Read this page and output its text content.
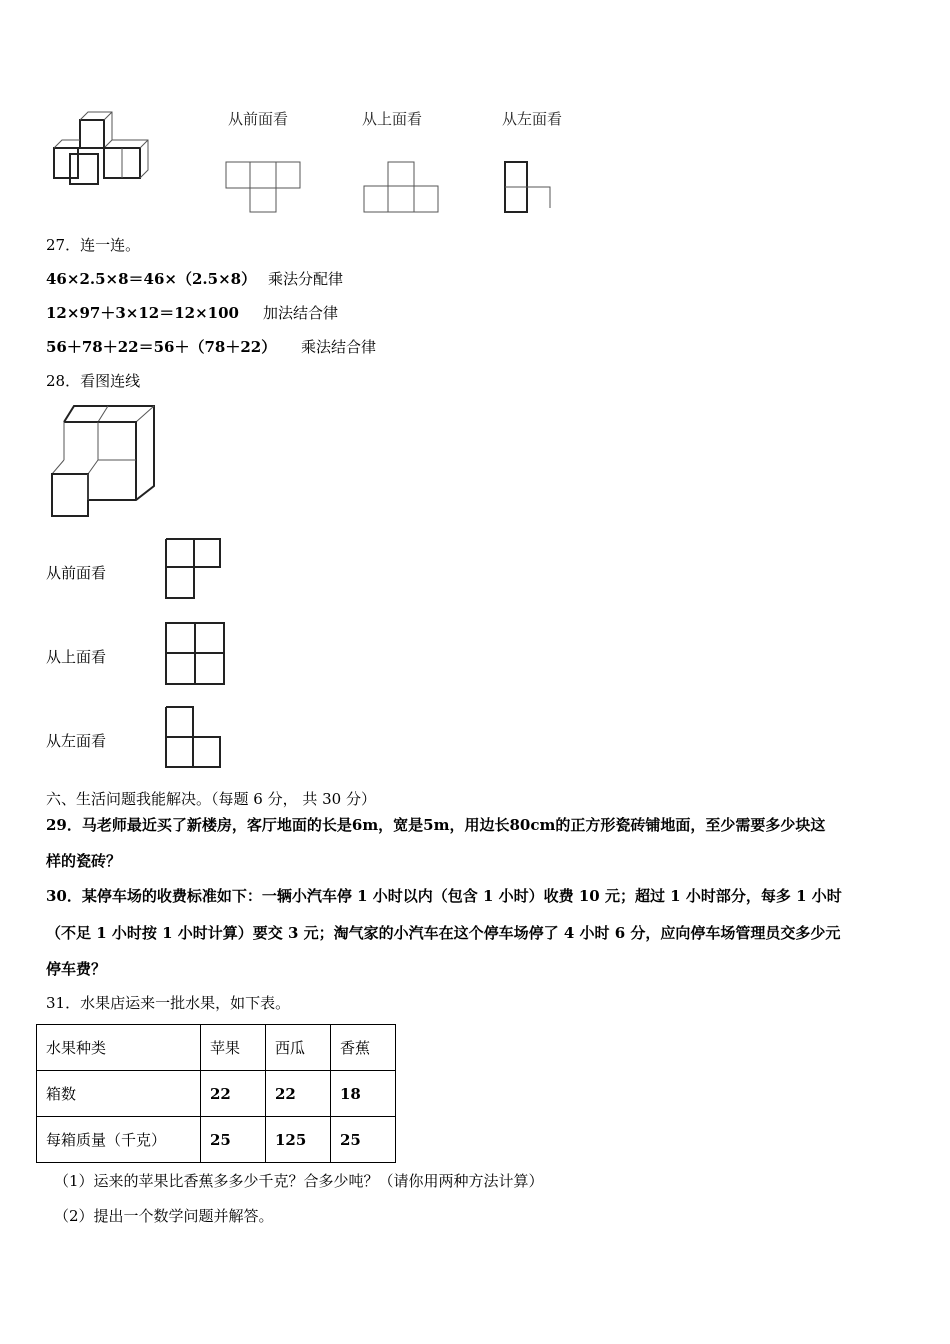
从前面看	从上面看	从左面看
27．连一连。
46×2.5×8＝46×（2.5×8） 乘法分配律
12×97＋3×12＝12×100 加法结合律
56＋78＋22＝56＋（78＋22） 乘法结合律
28．看图连线
从前面看
从上面看
从左面看
六、生活问题我能解决。（每题 6 分， 共 30 分）
29．马老师最近买了新楼房，客厅地面的长是6m，宽是5m，用边长80cm的正方形瓷砖铺地面，至少需要多少块这
样的瓷砖？
30．某停车场的收费标准如下：一辆小汽车停 1 小时以内（包含 1 小时）收费 10 元；超过 1 小时部分，每多 1 小时
（不足 1 小时按 1 小时计算）要交 3 元；淘气家的小汽车在这个停车场停了 4 小时 6 分，应向停车场管理员交多少元
停车费？
31．水果店运来一批水果，如下表。
水果种类	苹果	西瓜	香蕉
箱数	22	22	18
每箱质量（千克）	25	125	25
（1）运来的苹果比香蕉多多少千克？合多少吨？（请你用两种方法计算）
（2）提出一个数学问题并解答。
